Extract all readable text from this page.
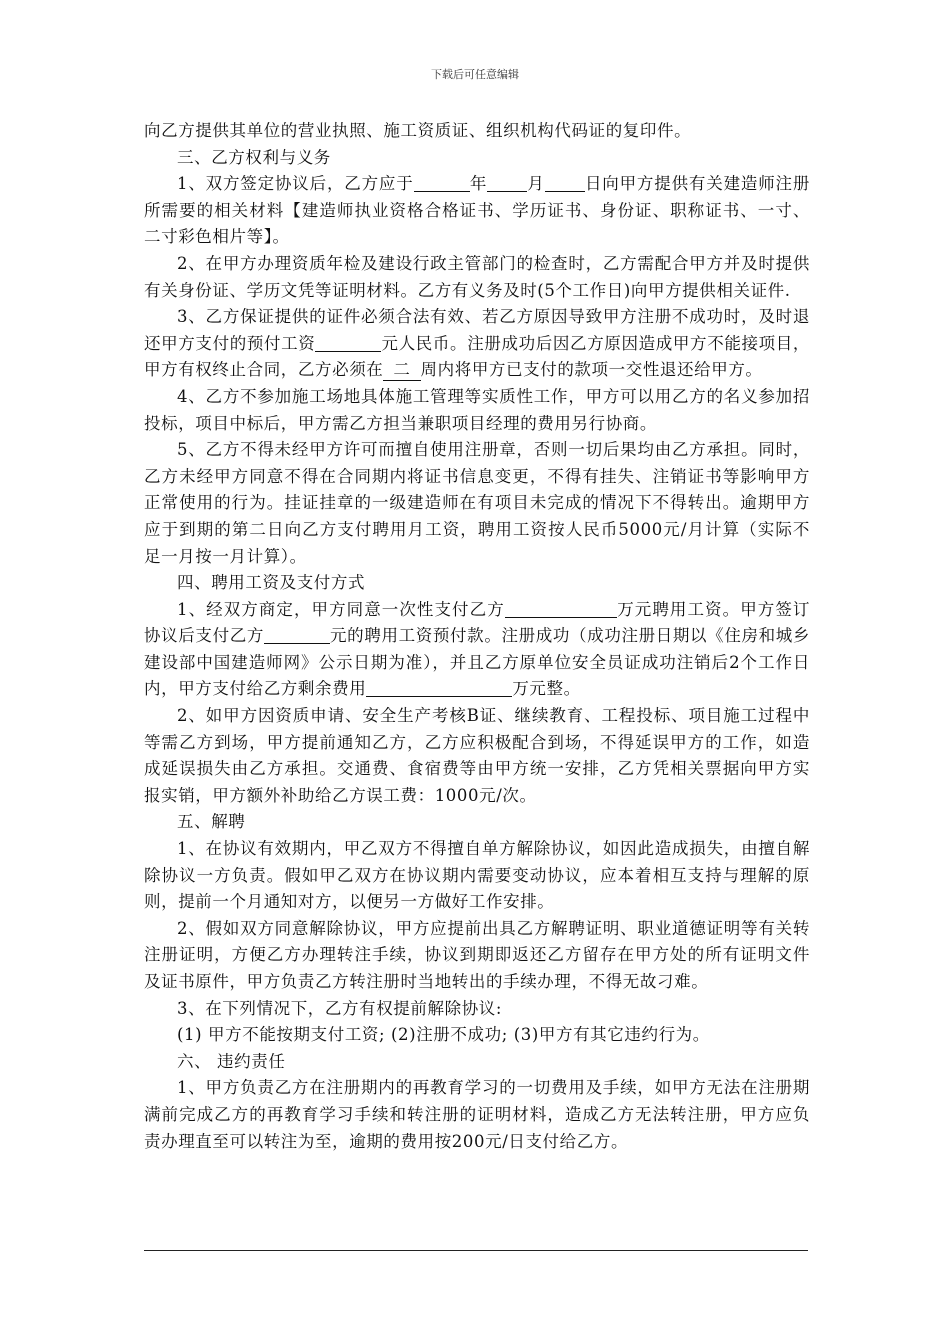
下载后可任意编辑

向乙方提供其单位的营业执照、施工资质证、组织机构代码证的复印件。

三、乙方权利与义务

1、双方签定协议后，乙方应于	年 月 日向甲方提供有关建造师注册所需要的相关材料【建造师执业资格合格证书、学历证书、身份证、职称证书、一寸、二寸彩色相片等】。

2、在甲方办理资质年检及建设行政主管部门的检查时，乙方需配合甲方并及时提供有关身份证、学历文凭等证明材料。乙方有义务及时(5个工作日)向甲方提供相关证件.

3、乙方保证提供的证件必须合法有效、若乙方原因导致甲方注册不成功时，及时退还甲方支付的预付工资	元人民币。注册成功后因乙方原因造成甲方不能接项目，甲方有权终止合同，乙方必须在 二 周内将甲方已支付的款项一交性退还给甲方。

4、乙方不参加施工场地具体施工管理等实质性工作，甲方可以用乙方的名义参加招投标，项目中标后，甲方需乙方担当兼职项目经理的费用另行协商。

5、乙方不得未经甲方许可而擅自使用注册章，否则一切后果均由乙方承担。同时，乙方未经甲方同意不得在合同期内将证书信息变更，不得有挂失、注销证书等影响甲方正常使用的行为。挂证挂章的一级建造师在有项目未完成的情况下不得转出。逾期甲方应于到期的第二日向乙方支付聘用月工资，聘用工资按人民币5000元/月计算（实际不足一月按一月计算）。

四、聘用工资及支付方式

1、经双方商定，甲方同意一次性支付乙方	万元聘用工资。甲方签订协议后支付乙方	元的聘用工资预付款。注册成功（成功注册日期以《住房和城乡建设部中国建造师网》公示日期为准），并且乙方原单位安全员证成功注销后2个工作日内，甲方支付给乙方剩余费用	万元整。

2、如甲方因资质申请、安全生产考核B证、继续教育、工程投标、项目施工过程中等需乙方到场，甲方提前通知乙方，乙方应积极配合到场，不得延误甲方的工作，如造成延误损失由乙方承担。交通费、食宿费等由甲方统一安排，乙方凭相关票据向甲方实报实销，甲方额外补助给乙方误工费：1000元/次。

五、解聘

1、在协议有效期内，甲乙双方不得擅自单方解除协议，如因此造成损失，由擅自解除协议一方负责。假如甲乙双方在协议期内需要变动协议，应本着相互支持与理解的原则，提前一个月通知对方，以便另一方做好工作安排。

2、假如双方同意解除协议，甲方应提前出具乙方解聘证明、职业道德证明等有关转注册证明，方便乙方办理转注手续，协议到期即返还乙方留存在甲方处的所有证明文件及证书原件，甲方负责乙方转注册时当地转出的手续办理，不得无故刁难。

3、在下列情况下，乙方有权提前解除协议:

(1) 甲方不能按期支付工资; (2)注册不成功; (3)甲方有其它违约行为。

六、 违约责任

1、甲方负责乙方在注册期内的再教育学习的一切费用及手续，如甲方无法在注册期满前完成乙方的再教育学习手续和转注册的证明材料，造成乙方无法转注册，甲方应负责办理直至可以转注为至，逾期的费用按200元/日支付给乙方。
